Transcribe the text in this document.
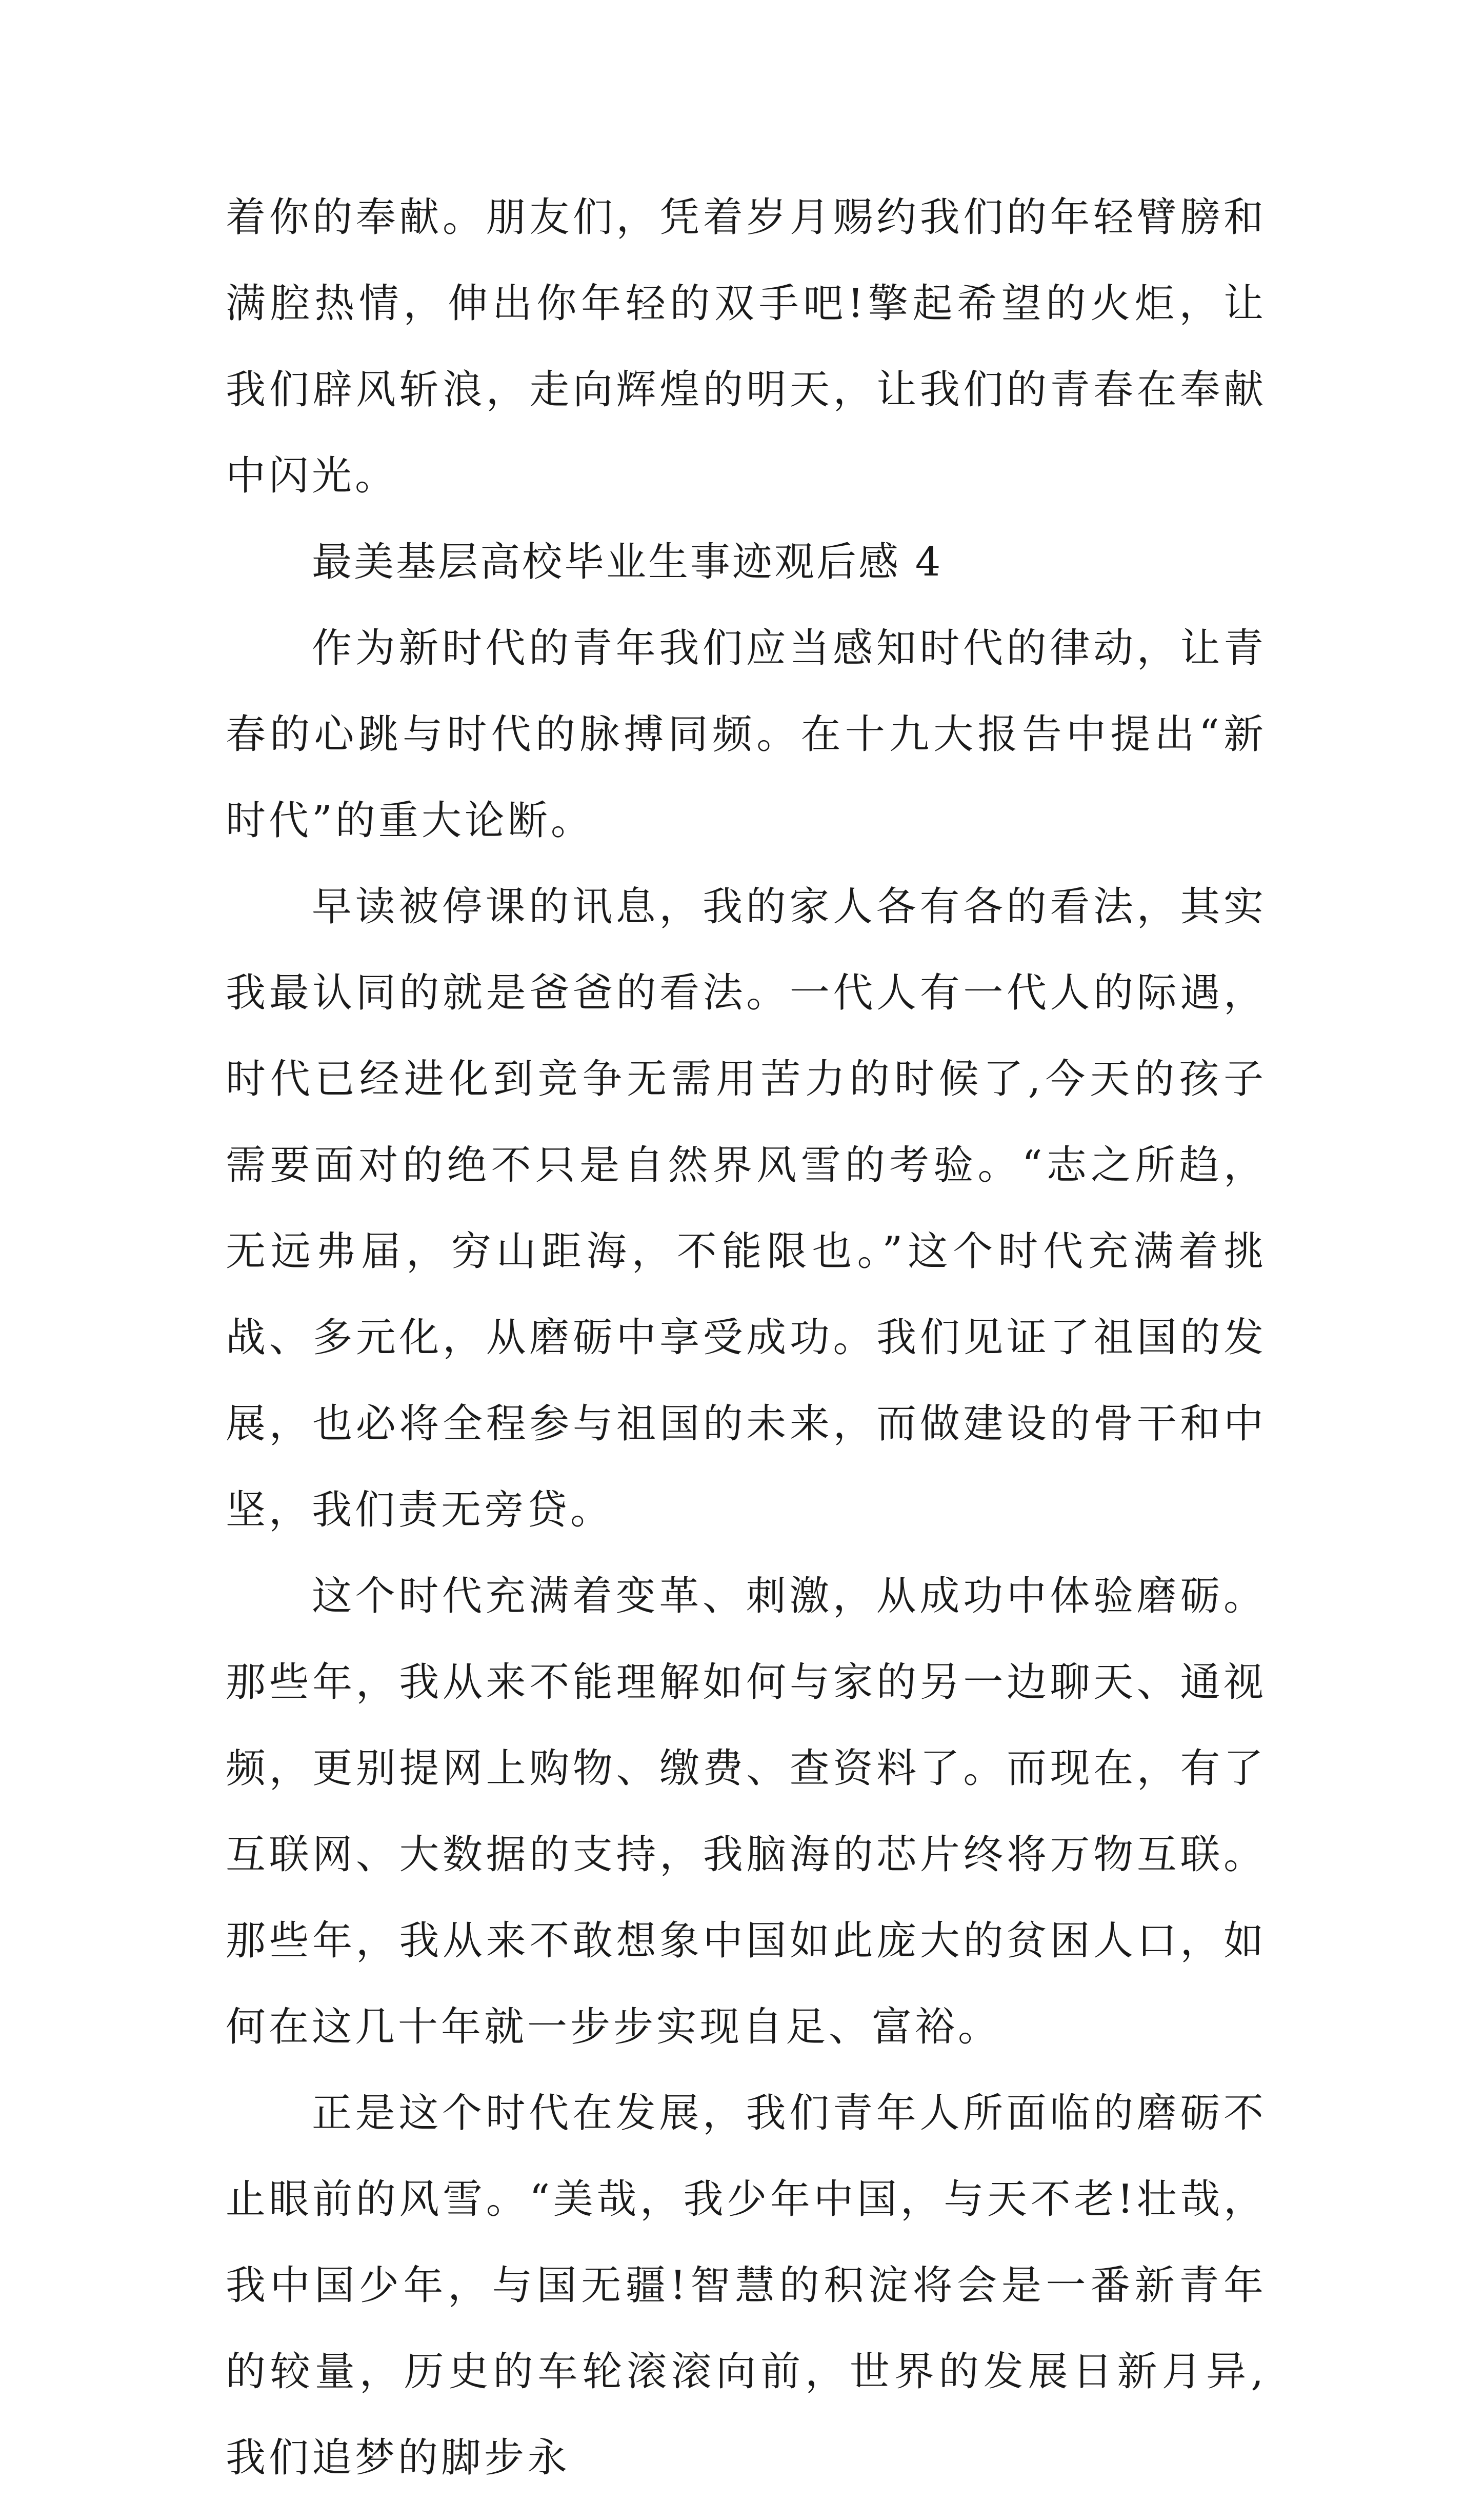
着你的奉献。朋友们，凭着岁月赐约我们的年轻臂膀和满腔热情，伸出你年轻的双手吧!擎起希望的火炬，让我们辟风斩浪，走向辉煌的明天，让我们的青春在奉献中闪光。

最美基层高校毕业生事迹观后感 4

作为新时代的青年我们应当感知时代的律动，让青春的心跳与时代的脉搏同频。在十九大报告中提出“新时代”的重大论断。

早读被停课的讯息，我的家人各有各的看法，其实我最认同的就是爸爸的看法。一代人有一代人的际遇，时代已经进化到竞争无需用苦力的时候了,今天的孩子需要面对的绝不只是自然界风雪的考验。“志之所趋，无远弗届，穷山距海，不能限也。”这个时代充满着挑战、多元化，从磨砺中享受成功。我们见证了祖国的发展，也必将全程参与祖国的未来，而做建设的骨干和中坚，我们责无旁贷。

这个时代充满着变革、刺激，从成功中体验磨砺。那些年，我从来不能理解如何与家的另一边聊天、通视频，更别提网上购物、缴费、查资料了。而现在，有了互联网、大数据的支持，我脑海的芯片终将万物互联。那些年，我从来不敢想象中国如此庞大的贫困人口，如何在这几十年就一步步实现自足、富裕。

正是这个时代在发展，我们青年人所面临的磨砺不止眼前的风雪。“美哉，我少年中国，与天不老!壮哉，我中国少年，与国无疆!智慧的积淀将会是一番新青年的较量，历史的车轮滚滚向前，世界的发展日新月异,我们追梦的脚步永
